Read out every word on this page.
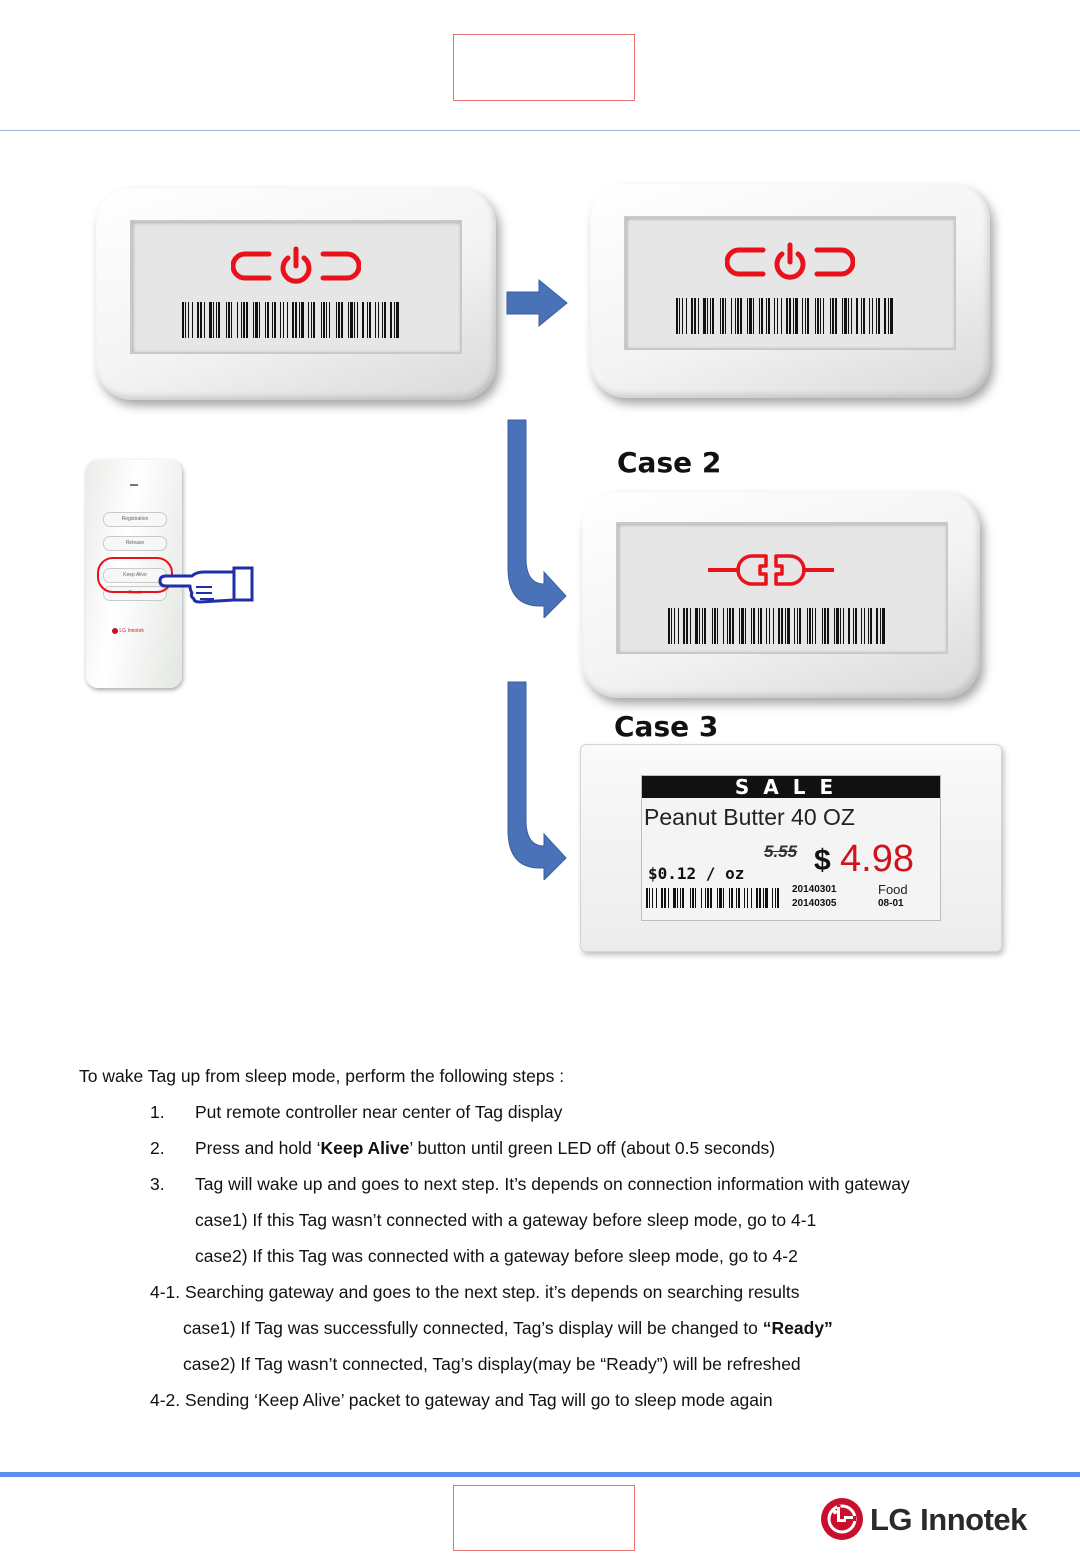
Case 2
Case 3
SALE
Peanut Butter 40 OZ
5.55 $ 4.98
$0.12 / oz
20140301
20140305
Food
08-01
Registration
Release
Keep Alive
Reset
LG Innotek
To wake Tag up from sleep mode, perform the following steps :
1. Put remote controller near center of Tag display
2. Press and hold ‘Keep Alive’ button until green LED off (about 0.5 seconds)
3. Tag will wake up and goes to next step. It’s depends on connection information with gateway
case1) If this Tag wasn’t connected with a gateway before sleep mode, go to 4-1
case2) If this Tag was connected with a gateway before sleep mode, go to 4-2
4-1. Searching gateway and goes to the next step. it’s depends on searching results
case1) If Tag was successfully connected, Tag’s display will be changed to “Ready”
case2) If Tag wasn’t connected, Tag’s display(may be “Ready”) will be refreshed
4-2. Sending ‘Keep Alive’ packet to gateway and Tag will go to sleep mode again
LG Innotek
